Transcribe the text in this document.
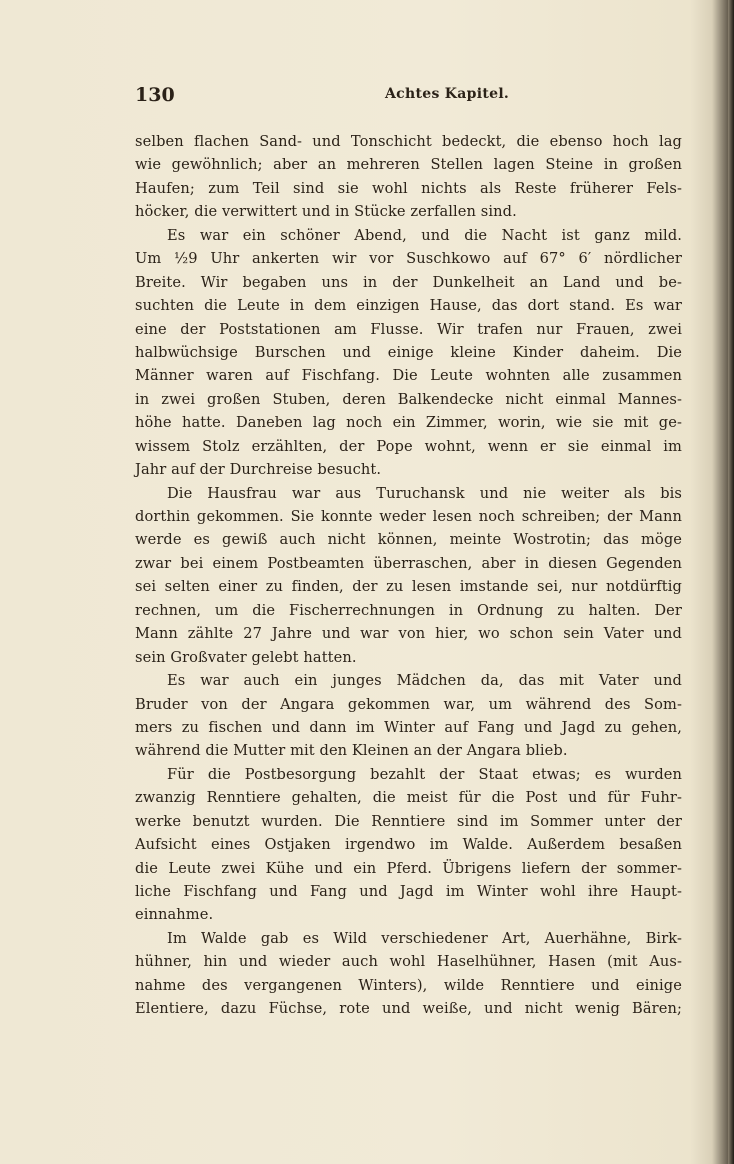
130	Achtes Kapitel.
selben flachen Sand- und Tonschicht bedeckt, die ebenso hoch lag
wie gewöhnlich; aber an mehreren Stellen lagen Steine in großen
Haufen; zum Teil sind sie wohl nichts als Reste früherer Fels-
höcker, die verwittert und in Stücke zerfallen sind.
Es war ein schöner Abend, und die Nacht ist ganz mild.
Um ½9 Uhr ankerten wir vor Suschkowo auf 67° 6′ nördlicher
Breite. Wir begaben uns in der Dunkelheit an Land und be-
suchten die Leute in dem einzigen Hause, das dort stand. Es war
eine der Poststationen am Flusse. Wir trafen nur Frauen, zwei
halbwüchsige Burschen und einige kleine Kinder daheim. Die
Männer waren auf Fischfang. Die Leute wohnten alle zusammen
in zwei großen Stuben, deren Balkendecke nicht einmal Mannes-
höhe hatte. Daneben lag noch ein Zimmer, worin, wie sie mit ge-
wissem Stolz erzählten, der Pope wohnt, wenn er sie einmal im
Jahr auf der Durchreise besucht.
Die Hausfrau war aus Turuchansk und nie weiter als bis
dorthin gekommen. Sie konnte weder lesen noch schreiben; der Mann
werde es gewiß auch nicht können, meinte Wostrotin; das möge
zwar bei einem Postbeamten überraschen, aber in diesen Gegenden
sei selten einer zu finden, der zu lesen imstande sei, nur notdürftig
rechnen, um die Fischerrechnungen in Ordnung zu halten. Der
Mann zählte 27 Jahre und war von hier, wo schon sein Vater und
sein Großvater gelebt hatten.
Es war auch ein junges Mädchen da, das mit Vater und
Bruder von der Angara gekommen war, um während des Som-
mers zu fischen und dann im Winter auf Fang und Jagd zu gehen,
während die Mutter mit den Kleinen an der Angara blieb.
Für die Postbesorgung bezahlt der Staat etwas; es wurden
zwanzig Renntiere gehalten, die meist für die Post und für Fuhr-
werke benutzt wurden. Die Renntiere sind im Sommer unter der
Aufsicht eines Ostjaken irgendwo im Walde. Außerdem besaßen
die Leute zwei Kühe und ein Pferd. Übrigens liefern der sommer-
liche Fischfang und Fang und Jagd im Winter wohl ihre Haupt-
einnahme.
Im Walde gab es Wild verschiedener Art, Auerhähne, Birk-
hühner, hin und wieder auch wohl Haselhühner, Hasen (mit Aus-
nahme des vergangenen Winters), wilde Renntiere und einige
Elentiere, dazu Füchse, rote und weiße, und nicht wenig Bären;
